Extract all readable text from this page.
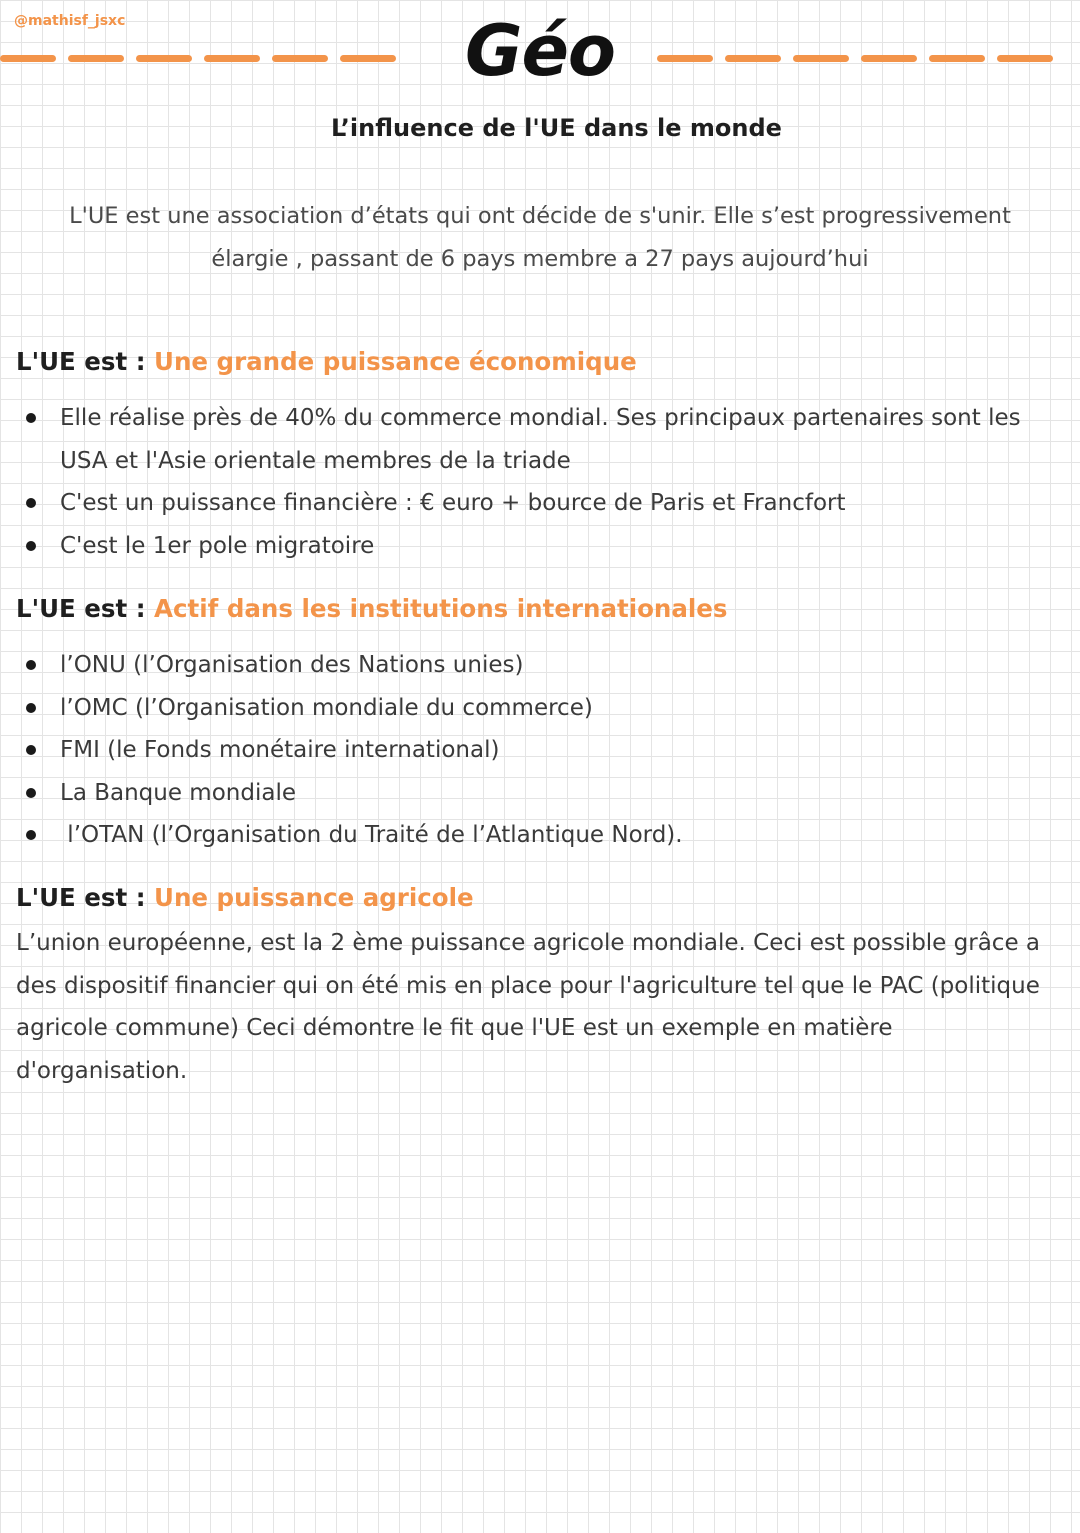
@mathisf_jsxc	Géo
L’influence de l'UE dans le monde
L'UE est une association d’états qui ont décide de s'unir. Elle s’est progressivement élargie , passant de 6 pays membre a 27 pays aujourd’hui
L'UE est : Une grande puissance économique
Elle réalise près de 40% du commerce mondial. Ses principaux partenaires sont les USA et l'Asie orientale membres de la triade
C'est un puissance financière : € euro + bource de Paris et Francfort
C'est le 1er pole migratoire
L'UE est : Actif dans les institutions internationales
l’ONU (l’Organisation des Nations unies)
l’OMC (l’Organisation mondiale du commerce)
FMI (le Fonds monétaire international)
La Banque mondiale
l’OTAN (l’Organisation du Traité de l’Atlantique Nord).
L'UE est : Une puissance agricole
L’union européenne, est la 2 ème puissance agricole mondiale. Ceci est possible grâce a des dispositif financier qui on été mis en place pour l'agriculture tel que le PAC (politique agricole commune) Ceci démontre le fit que l'UE est un exemple en matière d'organisation.
